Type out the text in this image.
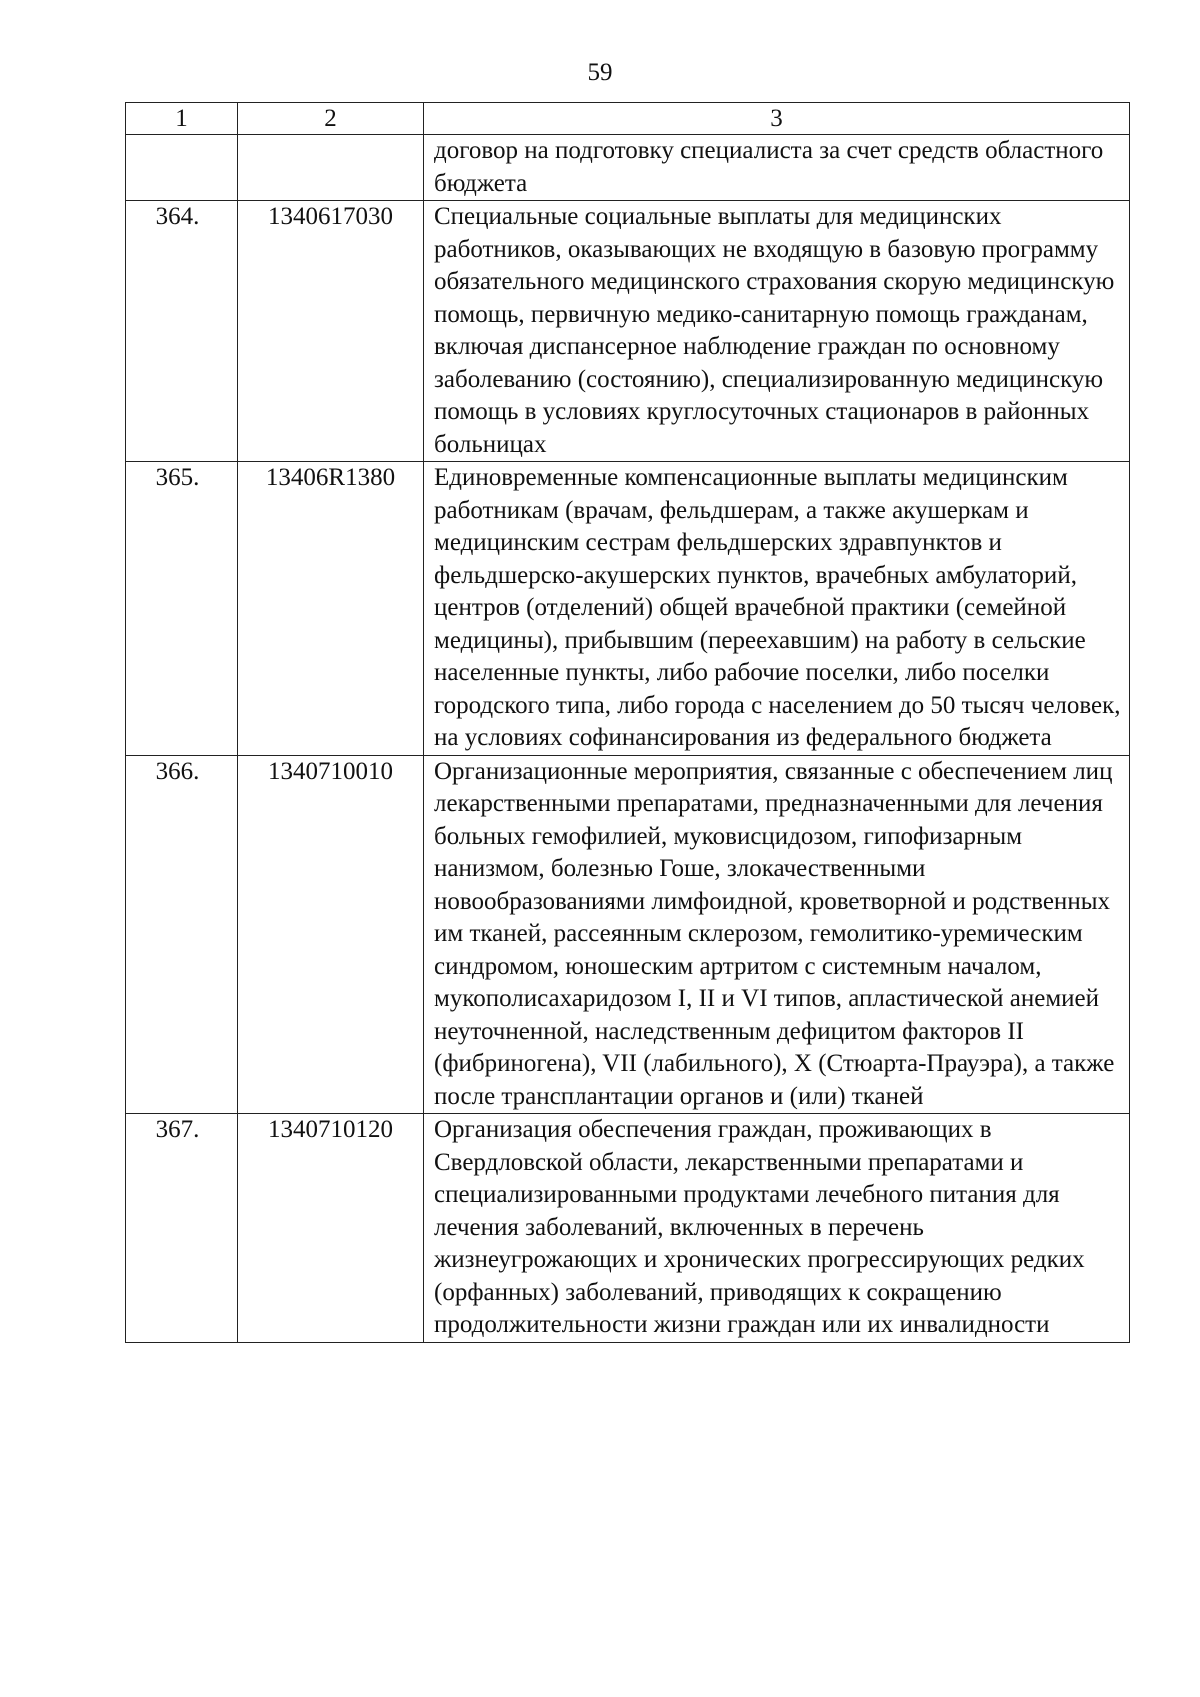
59
1	2	3
		договор на подготовку специалиста за счет средств областного бюджета
364.	1340617030	Специальные социальные выплаты для медицинских работников, оказывающих не входящую в базовую программу обязательного медицинского страхования скорую медицинскую помощь, первичную медико-санитарную помощь гражданам, включая диспансерное наблюдение граждан по основному заболеванию (состоянию), специализированную медицинскую помощь в условиях круглосуточных стационаров в районных больницах
365.	13406R1380	Единовременные компенсационные выплаты медицинским работникам (врачам, фельдшерам, а также акушеркам и медицинским сестрам фельдшерских здравпунктов и фельдшерско-акушерских пунктов, врачебных амбулаторий, центров (отделений) общей врачебной практики (семейной медицины), прибывшим (переехавшим) на работу в сельские населенные пункты, либо рабочие поселки, либо поселки городского типа, либо города с населением до 50 тысяч человек, на условиях софинансирования из федерального бюджета
366.	1340710010	Организационные мероприятия, связанные с обеспечением лиц лекарственными препаратами, предназначенными для лечения больных гемофилией, муковисцидозом, гипофизарным нанизмом, болезнью Гоше, злокачественными новообразованиями лимфоидной, кроветворной и родственных им тканей, рассеянным склерозом, гемолитико-уремическим синдромом, юношеским артритом с системным началом, мукополисахаридозом I, II и VI типов, апластической анемией неуточненной, наследственным дефицитом факторов II (фибриногена), VII (лабильного), X (Стюарта-Прауэра), а также после трансплантации органов и (или) тканей
367.	1340710120	Организация обеспечения граждан, проживающих в Свердловской области, лекарственными препаратами и специализированными продуктами лечебного питания для лечения заболеваний, включенных в перечень жизнеугрожающих и хронических прогрессирующих редких (орфанных) заболеваний, приводящих к сокращению продолжительности жизни граждан или их инвалидности
